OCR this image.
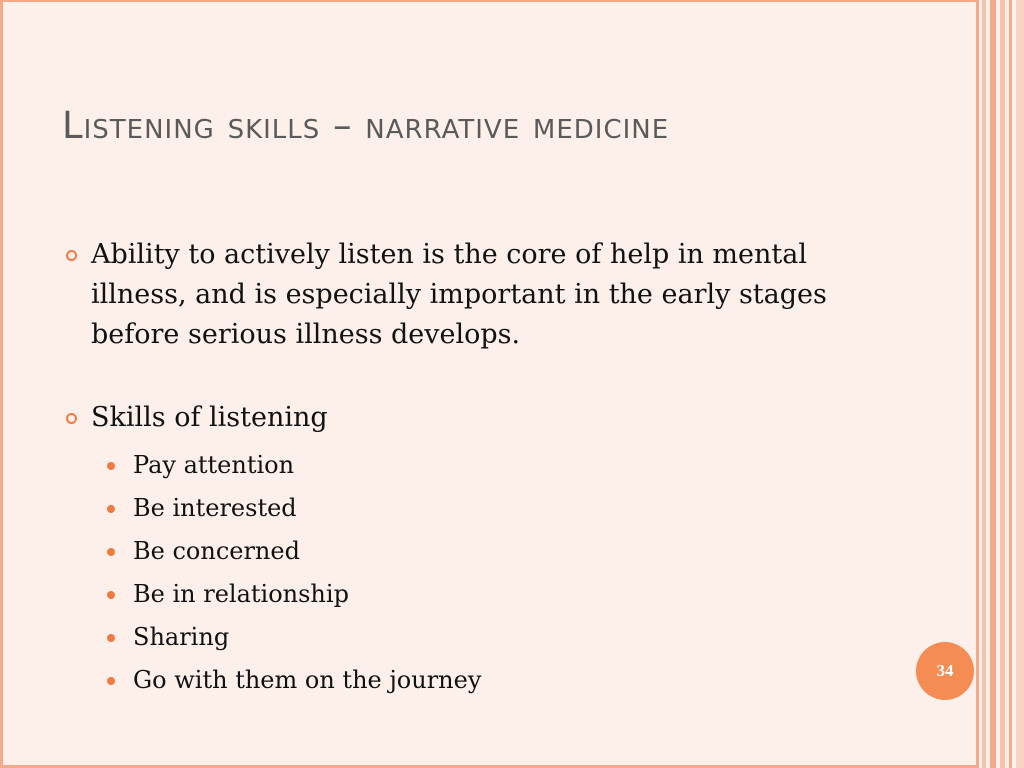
Listening skills – narrative medicine
Ability to actively listen is the core of help in mental illness, and is especially important in the early stages before serious illness develops.
Skills of listening
Pay attention
Be interested
Be concerned
Be in relationship
Sharing
Go with them on the journey	34
